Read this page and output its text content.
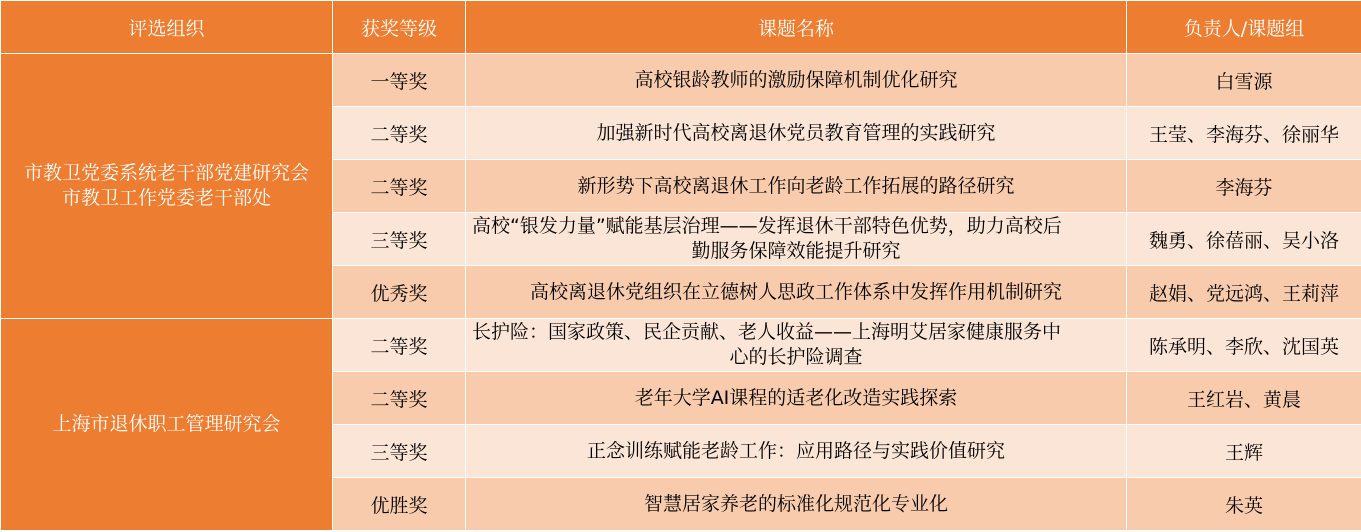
评选组织	获奖等级	课题名称	负责人/课题组

市教卫党委系统老干部党建研究会
市教卫工作党委老干部处	一等奖	高校银龄教师的激励保障机制优化研究	白雪源
	二等奖	加强新时代高校离退休党员教育管理的实践研究	王莹、李海芬、徐丽华
	二等奖	新形势下高校离退休工作向老龄工作拓展的路径研究	李海芬
	三等奖	高校“银发力量”赋能基层治理——发挥退休干部特色优势，助力高校后
勤服务保障效能提升研究	魏勇、徐蓓丽、吴小洛
	优秀奖	高校离退休党组织在立德树人思政工作体系中发挥作用机制研究	赵娟、党远鸿、王莉萍

上海市退休职工管理研究会	二等奖	长护险：国家政策、民企贡献、老人收益——上海明艾居家健康服务中
心的长护险调查	陈承明、李欣、沈国英
	二等奖	老年大学AI课程的适老化改造实践探索	王红岩、黄晨
	三等奖	正念训练赋能老龄工作：应用路径与实践价值研究	王辉
	优胜奖	智慧居家养老的标准化规范化专业化	朱英
